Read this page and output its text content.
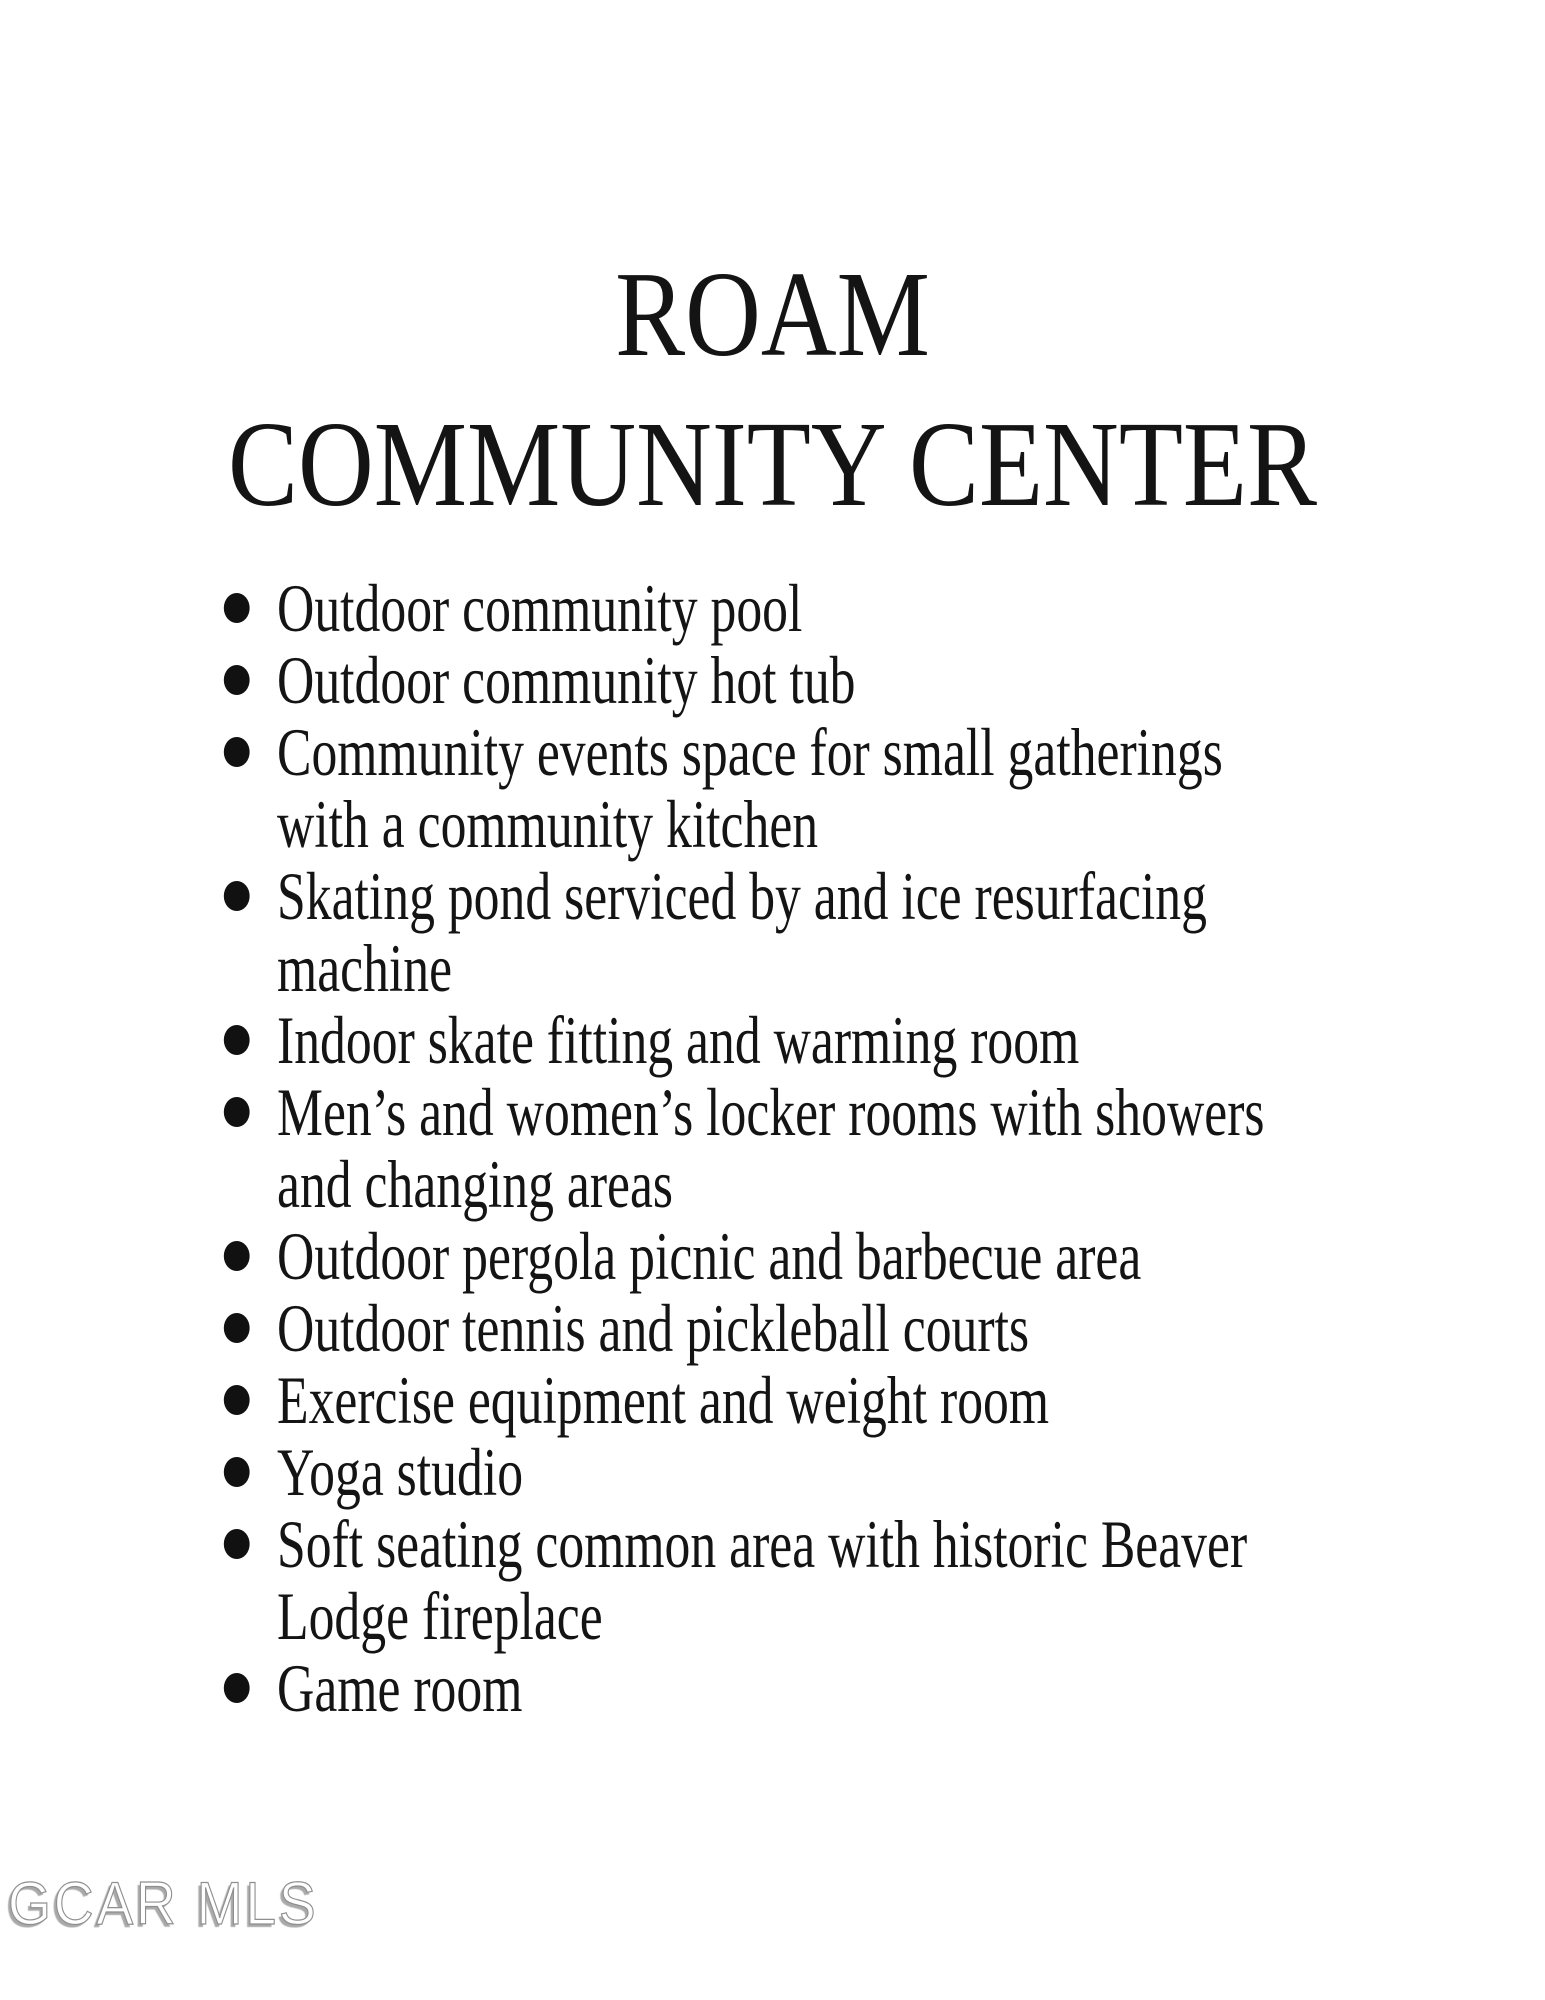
ROAM
COMMUNITY CENTER
Outdoor community pool
Outdoor community hot tub
Community events space for small gatherings
with a community kitchen
Skating pond serviced by and ice resurfacing
machine
Indoor skate fitting and warming room
Men’s and women’s locker rooms with showers
and changing areas
Outdoor pergola picnic and barbecue area
Outdoor tennis and pickleball courts
Exercise equipment and weight room
Yoga studio
Soft seating common area with historic Beaver
Lodge fireplace
Game room
GCAR MLS
